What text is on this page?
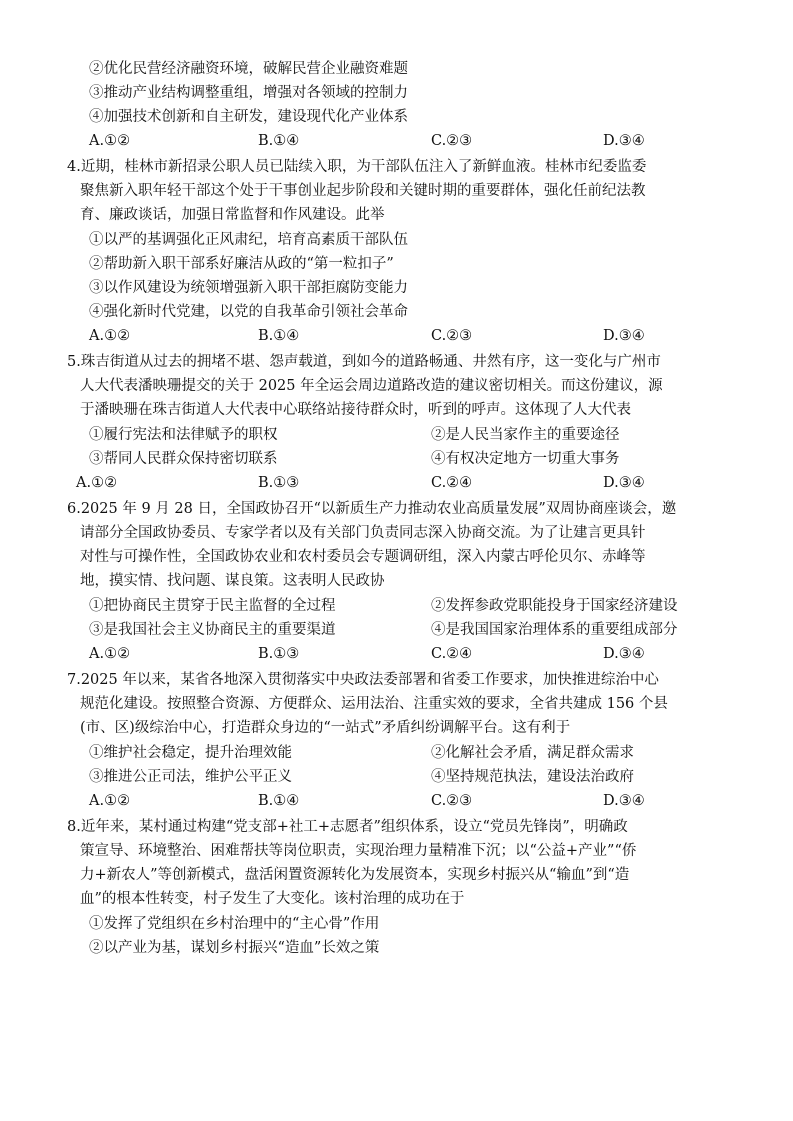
②优化民营经济融资环境，破解民营企业融资难题
③推动产业结构调整重组，增强对各领域的控制力
④加强技术创新和自主研发，建设现代化产业体系
A.①②	B.①④	C.②③	D.③④
4.近期，桂林市新招录公职人员已陆续入职，为干部队伍注入了新鲜血液。桂林市纪委监委
聚焦新入职年轻干部这个处于干事创业起步阶段和关键时期的重要群体，强化任前纪法教
育、廉政谈话，加强日常监督和作风建设。此举
①以严的基调强化正风肃纪，培育高素质干部队伍
②帮助新入职干部系好廉洁从政的“第一粒扣子”
③以作风建设为统领增强新入职干部拒腐防变能力
④强化新时代党建，以党的自我革命引领社会革命
A.①②	B.①④	C.②③	D.③④
5.珠吉街道从过去的拥堵不堪、怨声载道，到如今的道路畅通、井然有序，这一变化与广州市
人大代表潘映珊提交的关于 2025 年全运会周边道路改造的建议密切相关。而这份建议，源
于潘映珊在珠吉街道人大代表中心联络站接待群众时，听到的呼声。这体现了人大代表
①履行宪法和法律赋予的职权	②是人民当家作主的重要途径
③帮同人民群众保持密切联系	④有权决定地方一切重大事务
A.①②	B.①③	C.②④	D.③④
6.2025 年 9 月 28 日，全国政协召开“以新质生产力推动农业高质量发展”双周协商座谈会，邀
请部分全国政协委员、专家学者以及有关部门负责同志深入协商交流。为了让建言更具针
对性与可操作性，全国政协农业和农村委员会专题调研组，深入内蒙古呼伦贝尔、赤峰等
地，摸实情、找问题、谋良策。这表明人民政协
①把协商民主贯穿于民主监督的全过程	②发挥参政党职能投身于国家经济建设
③是我国社会主义协商民主的重要渠道	④是我国国家治理体系的重要组成部分
A.①②	B.①③	C.②④	D.③④
7.2025 年以来，某省各地深入贯彻落实中央政法委部署和省委工作要求，加快推进综治中心
规范化建设。按照整合资源、方便群众、运用法治、注重实效的要求，全省共建成 156 个县
(市、区)级综治中心，打造群众身边的“一站式”矛盾纠纷调解平台。这有利于
①维护社会稳定，提升治理效能	②化解社会矛盾，满足群众需求
③推进公正司法，维护公平正义	④坚持规范执法，建设法治政府
A.①②	B.①④	C.②③	D.③④
8.近年来，某村通过构建“党支部+社工+志愿者”组织体系，设立“党员先锋岗”，明确政
策宣导、环境整治、困难帮扶等岗位职责，实现治理力量精准下沉；以“公益+产业”“侨
力+新农人”等创新模式，盘活闲置资源转化为发展资本，实现乡村振兴从“输血”到“造
血”的根本性转变，村子发生了大变化。该村治理的成功在于
①发挥了党组织在乡村治理中的“主心骨”作用
②以产业为基，谋划乡村振兴“造血”长效之策
